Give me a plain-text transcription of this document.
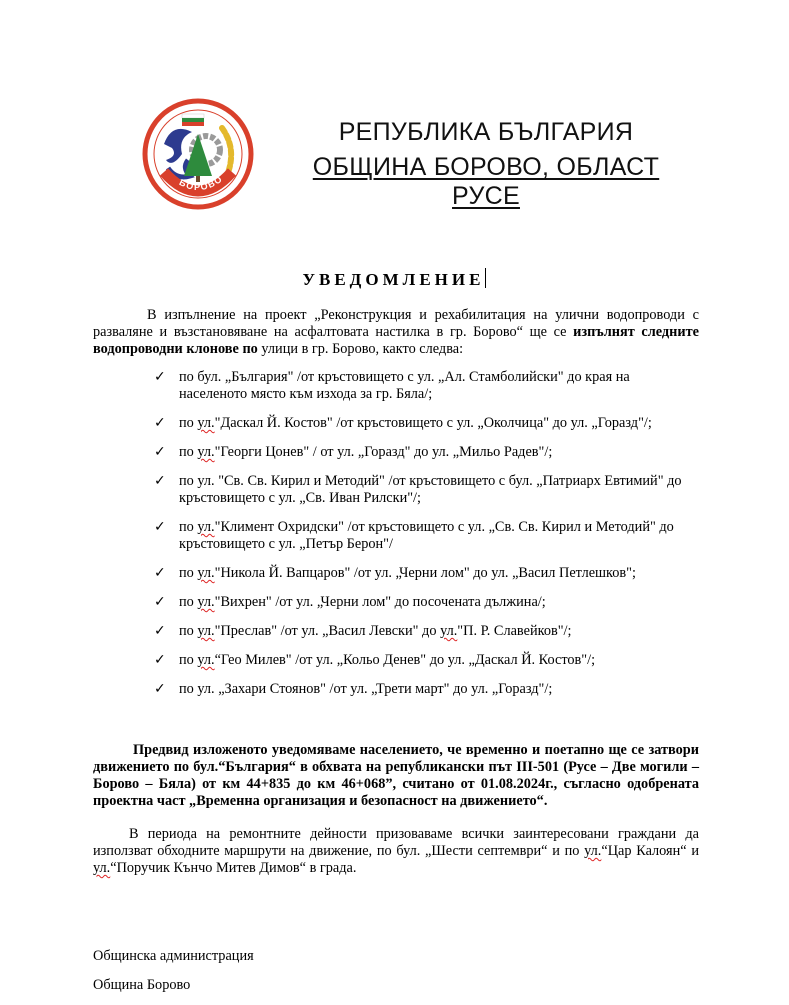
БОРОВО
РЕПУБЛИКА БЪЛГАРИЯ
ОБЩИНА БОРОВО, ОБЛАСТ РУСЕ
УВЕДОМЛЕНИЕ
В изпълнение на проект „Реконструкция и рехабилитация на улични водопроводи с разваляне и възстановяване на асфалтовата настилка в гр. Борово“ ще се изпълнят следните водопроводни клонове по улици в гр. Борово, както следва:
✓ по бул. „България" /от кръстовището с ул. „Ал. Стамболийски" до края на населеното място към изхода за гр. Бяла/;
✓ по ул."Даскал Й. Костов" /от кръстовището с ул. „Околчица" до ул. „Горазд"/;
✓ по ул."Георги Цонев" / от ул. „Горазд" до ул. „Мильо Радев"/;
✓ по ул. "Св. Св. Кирил и Методий" /от кръстовището с бул. „Патриарх Евтимий" до кръстовището с ул. „Св. Иван Рилски"/;
✓ по ул."Климент Охридски" /от кръстовището с ул. „Св. Св. Кирил и Методий" до кръстовището с ул. „Петър Берон"/
✓ по ул."Никола Й. Вапцаров" /от ул. „Черни лом" до ул. „Васил Петлешков";
✓ по ул."Вихрен" /от ул. „Черни лом" до посочената дължина/;
✓ по ул."Преслав" /от ул. „Васил Левски" до ул."П. Р. Славейков"/;
✓ по ул.“Гео Милев" /от ул. „Кольо Денев" до ул. „Даскал Й. Костов"/;
✓ по ул. „Захари Стоянов" /от ул. „Трети март" до ул. „Горазд"/;
Предвид изложеното уведомяваме населението, че временно и поетапно ще се затвори движението по бул.“България“ в обхвата на републикански път III-501 (Русе – Две могили – Борово – Бяла) от км 44+835 до км 46+068”, считано от 01.08.2024г., съгласно одобрената проектна част „Временна организация и безопасност на движението“.
В периода на ремонтните дейности призоваваме всички заинтересовани граждани да използват обходните маршрути на движение, по бул. „Шести септември“ и по ул.“Цар Калоян“ и ул.“Поручик Кънчо Митев Димов“ в града.
Общинска администрация
Община Борово
